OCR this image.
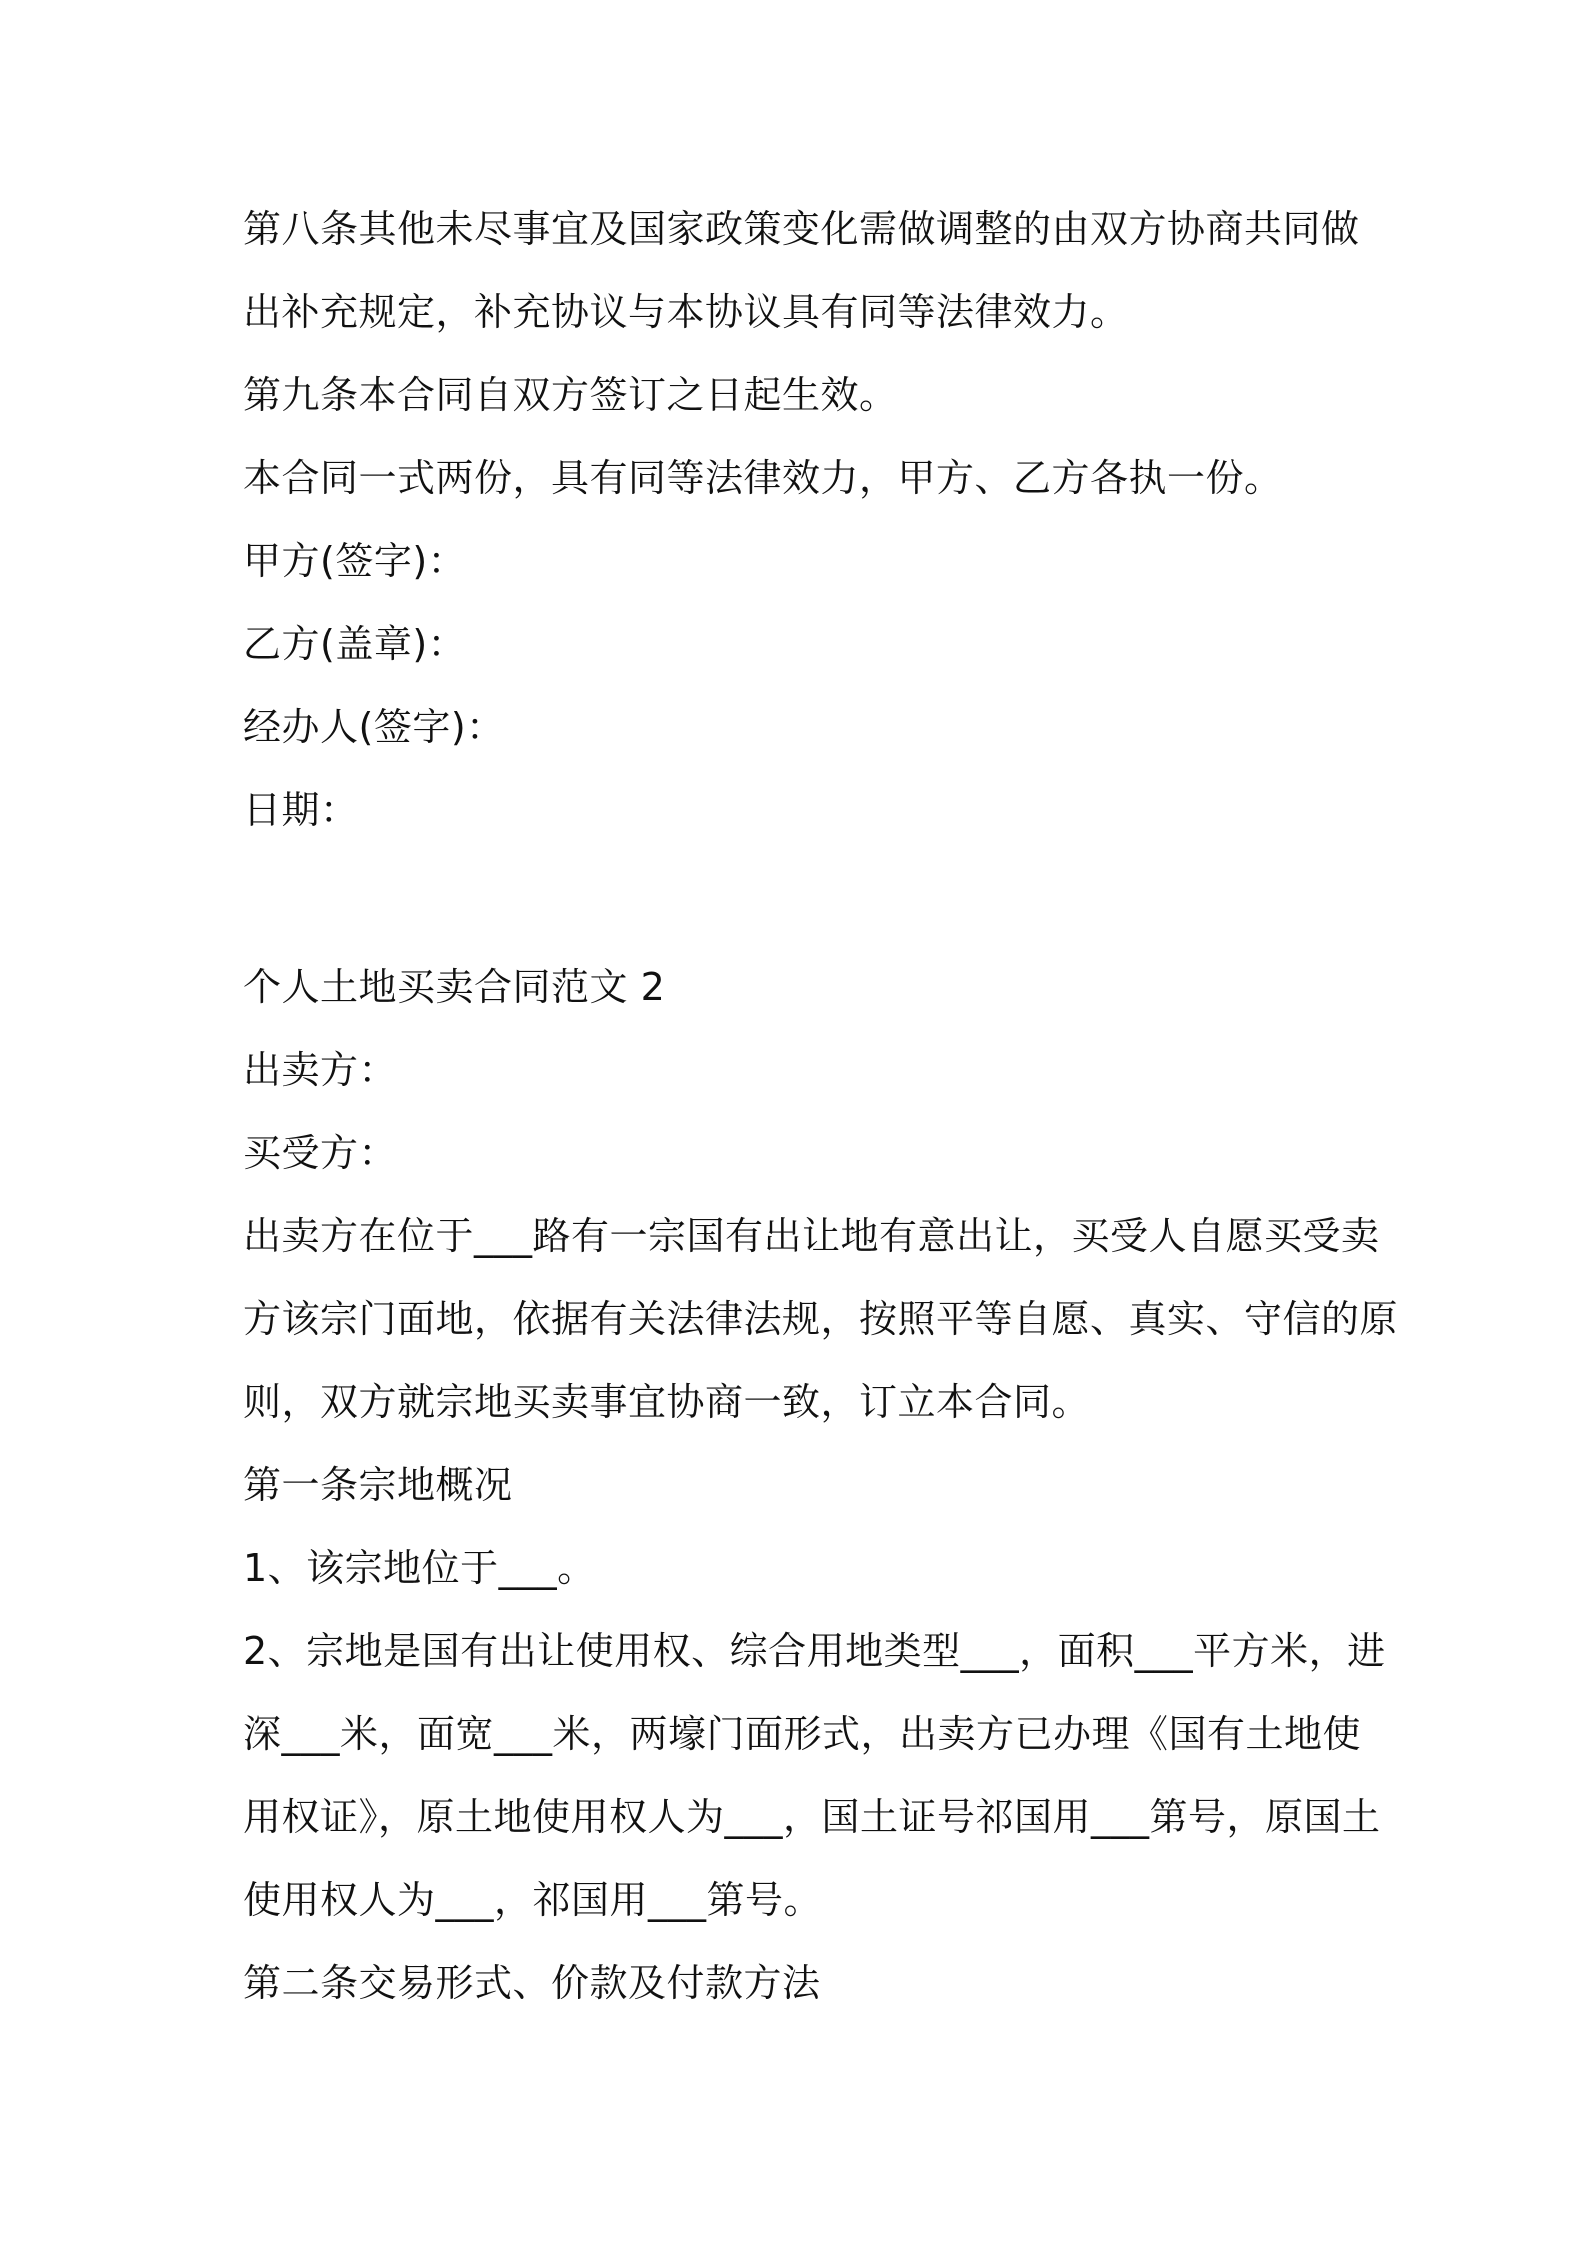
第八条其他未尽事宜及国家政策变化需做调整的由双方协商共同做
出补充规定，补充协议与本协议具有同等法律效力。
第九条本合同自双方签订之日起生效。
本合同一式两份，具有同等法律效力，甲方、乙方各执一份。
甲方(签字)：
乙方(盖章)：
经办人(签字)：
日期：
个人土地买卖合同范文 2
出卖方：
买受方：
出卖方在位于___路有一宗国有出让地有意出让，买受人自愿买受卖
方该宗门面地，依据有关法律法规，按照平等自愿、真实、守信的原
则，双方就宗地买卖事宜协商一致，订立本合同。
第一条宗地概况
1、该宗地位于___。
2、宗地是国有出让使用权、综合用地类型___，面积___平方米，进
深___米，面宽___米，两壕门面形式，出卖方已办理《国有土地使
用权证》，原土地使用权人为___，国土证号祁国用___第号，原国土
使用权人为___，祁国用___第号。
第二条交易形式、价款及付款方法
